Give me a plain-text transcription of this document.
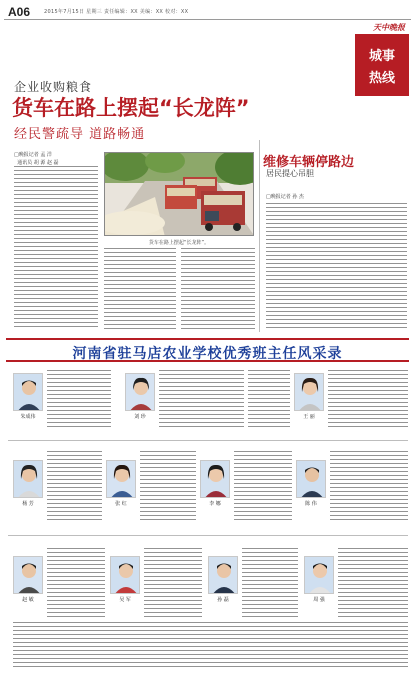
A06	2015年7月15日 星期三 责任编辑：XX 美编：XX 校对：XX
天中晚报
城事
热线
企业收购粮食
货车在路上摆起“长龙阵”
经民警疏导 道路畅通
□晚报记者 孟 洋
通讯员 胡 源 赵 磊
货车在路上摆起“长龙阵”。
维修车辆停路边
居民提心吊胆
□晚报记者 孙 杰
河南省驻马店农业学校优秀班主任风采录
朱成伟	刘 珍	王 丽
杨 芳	张 红	李 娜	陈 伟
赵 敏	吴 军	孙 磊	周 强
